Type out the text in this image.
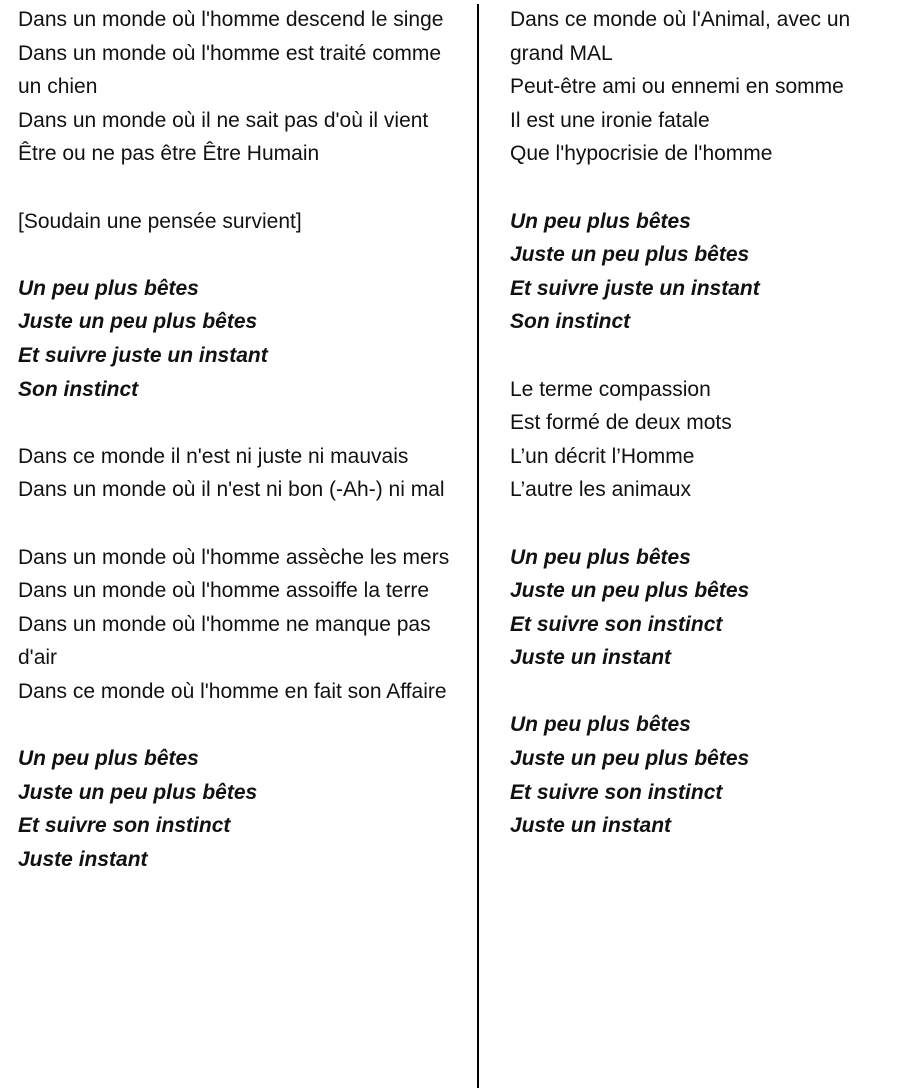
Dans un monde où l'homme descend le singe
Dans un monde où l'homme est traité comme un chien
Dans un monde où il ne sait pas d'où il vient
Être ou ne pas être Être Humain
[Soudain une pensée survient]
Un peu plus bêtes
Juste un peu plus bêtes
Et suivre juste un instant
Son instinct
Dans ce monde il n'est ni juste ni mauvais
Dans un monde où il n'est ni bon (-Ah-) ni mal
Dans un monde où l'homme assèche les mers
Dans un monde où l'homme assoiffe la terre
Dans un monde où l'homme ne manque pas d'air
Dans ce monde où l'homme en fait son Affaire
Un peu plus bêtes
Juste un peu plus bêtes
Et suivre son instinct
Juste instant
Dans ce monde où l'Animal, avec un grand MAL
Peut-être ami ou ennemi en somme
Il est une ironie fatale
Que l'hypocrisie de l'homme
Un peu plus bêtes
Juste un peu plus bêtes
Et suivre juste un instant
Son instinct
Le terme compassion
Est formé de deux mots
L’un décrit l’Homme
L’autre les animaux
Un peu plus bêtes
Juste un peu plus bêtes
Et suivre son instinct
Juste un instant
Un peu plus bêtes
Juste un peu plus bêtes
Et suivre son instinct
Juste un instant
